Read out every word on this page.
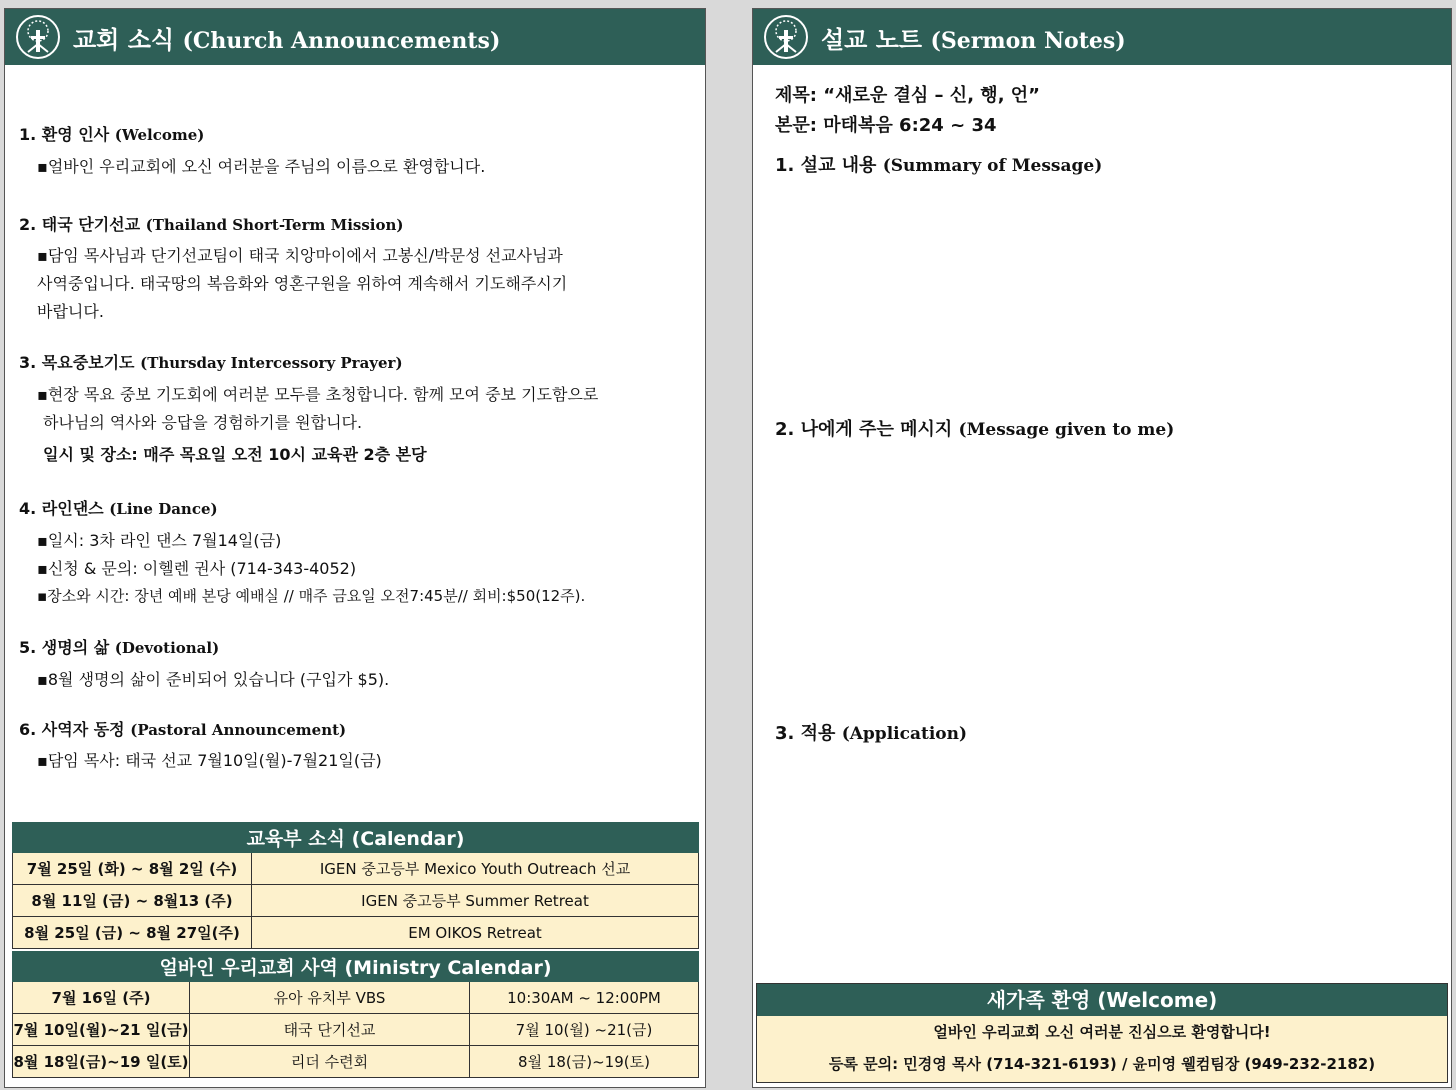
교회 소식 (Church Announcements)
1. 환영 인사 (Welcome)
▪얼바인 우리교회에 오신 여러분을 주님의 이름으로 환영합니다.
2. 태국 단기선교 (Thailand Short-Term Mission)
▪담임 목사님과 단기선교팀이 태국 치앙마이에서 고봉신/박문성 선교사님과
사역중입니다. 태국땅의 복음화와 영혼구원을 위하여 계속해서 기도해주시기
바랍니다.
3. 목요중보기도 (Thursday Intercessory Prayer)
▪현장 목요 중보 기도회에 여러분 모두를 초청합니다. 함께 모여 중보 기도함으로
하나님의 역사와 응답을 경험하기를 원합니다.
일시 및 장소: 매주 목요일 오전 10시 교육관 2층 본당
4. 라인댄스 (Line Dance)
▪일시: 3차 라인 댄스 7월14일(금)
▪신청 & 문의: 이헬렌 권사 (714-343-4052)
▪장소와 시간: 장년 예배 본당 예배실 // 매주 금요일 오전7:45분// 회비:$50(12주).
5. 생명의 삶 (Devotional)
▪8월 생명의 삶이 준비되어 있습니다 (구입가 $5).
6. 사역자 동정 (Pastoral Announcement)
▪담임 목사: 태국 선교 7월10일(월)-7월21일(금)
교육부 소식 (Calendar)	
7월 25일 (화) ~ 8월 2일 (수)	IGEN 중고등부 Mexico Youth Outreach 선교
8월 11일 (금) ~ 8월13 (주)	IGEN 중고등부 Summer Retreat
8월 25일 (금) ~ 8월 27일(주)	EM OIKOS Retreat
얼바인 우리교회 사역 (Ministry Calendar)		
7월 16일 (주)	유아 유치부 VBS	10:30AM ~ 12:00PM
7월 10일(월)~21 일(금)	태국 단기선교	7월 10(월) ~21(금)
8월 18일(금)~19 일(토)	리더 수련회	8월 18(금)~19(토)
설교 노트 (Sermon Notes)
제목: “새로운 결심 – 신, 행, 언”
본문: 마태복음 6:24 ~ 34
1. 설교 내용 (Summary of Message)
2. 나에게 주는 메시지 (Message given to me)
3. 적용 (Application)
새가족 환영 (Welcome)
얼바인 우리교회 오신 여러분 진심으로 환영합니다!
등록 문의: 민경영 목사 (714-321-6193) / 윤미영 웰컴팀장 (949-232-2182)
